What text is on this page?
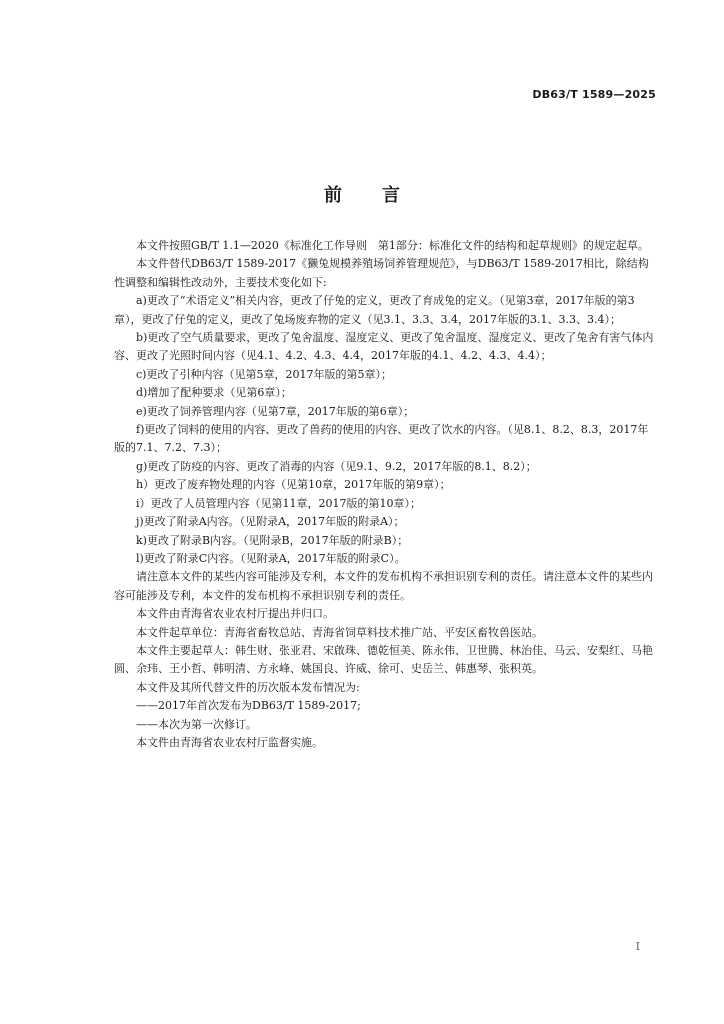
DB63/T 1589—2025
前言

本文件按照GB/T 1.1—2020《标准化工作导则　第1部分：标准化文件的结构和起草规则》的规定起草。

本文件替代DB63/T 1589-2017《獭兔规模养殖场饲养管理规范》，与DB63/T 1589-2017相比，除结构性调整和编辑性改动外，主要技术变化如下:

a)更改了“术语定义”相关内容，更改了仔兔的定义，更改了育成兔的定义。（见第3章，2017年版的第3章），更改了仔兔的定义，更改了兔场废弃物的定义（见3.1、3.3、3.4，2017年版的3.1、3.3、3.4）；

b)更改了空气质量要求，更改了兔舍温度、湿度定义、更改了兔舍温度、湿度定义、更改了兔舍有害气体内容、更改了光照时间内容（见4.1、4.2、4.3、4.4，2017年版的4.1、4.2、4.3、4.4）；

c)更改了引种内容（见第5章，2017年版的第5章）；

d)增加了配种要求（见第6章）；

e)更改了饲养管理内容（见第7章，2017年版的第6章）；

f)更改了饲料的使用的内容、更改了兽药的使用的内容、更改了饮水的内容。（见8.1、8.2、8.3，2017年版的7.1、7.2、7.3）；

g)更改了防疫的内容、更改了消毒的内容（见9.1、9.2，2017年版的8.1、8.2）；

h）更改了废弃物处理的内容（见第10章，2017年版的第9章）；

i）更改了人员管理内容（见第11章，2017版的第10章）；

j)更改了附录A内容。（见附录A，2017年版的附录A）；

k)更改了附录B内容。（见附录B，2017年版的附录B）；

l)更改了附录C内容。（见附录A，2017年版的附录C）。

请注意本文件的某些内容可能涉及专利，本文件的发布机构不承担识别专利的责任。请注意本文件的某些内容可能涉及专利，本文件的发布机构不承担识别专利的责任。

本文件由青海省农业农村厅提出并归口。

本文件起草单位：青海省畜牧总站、青海省饲草料技术推广站、平安区畜牧兽医站。

本文件主要起草人：韩生财、张亚君、宋啟珠、德乾恒美、陈永伟、卫世腾、林治佳、马云、安梨红、马艳圆、余玮、王小哲、韩明清、方永峰、姚国良、许威、徐可、史岳兰、韩惠琴、张积英。

本文件及其所代替文件的历次版本发布情况为:

——2017年首次发布为DB63/T 1589-2017;

——本次为第一次修订。

本文件由青海省农业农村厅监督实施。

I
